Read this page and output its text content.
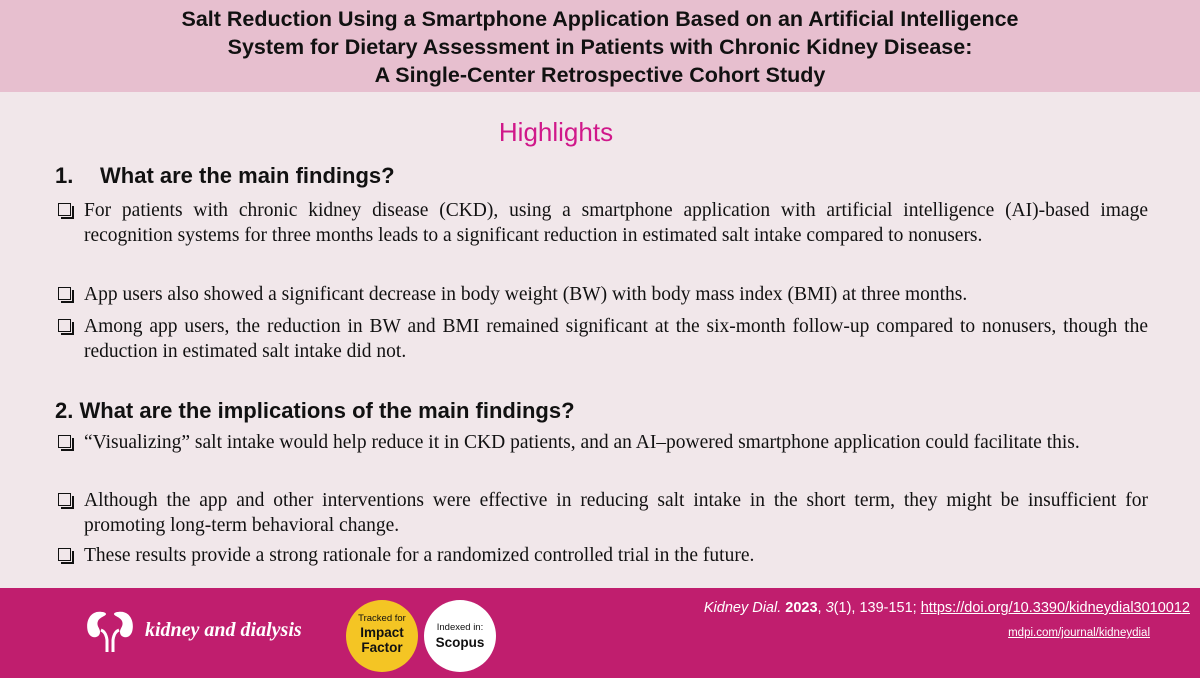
Salt Reduction Using a Smartphone Application Based on an Artificial Intelligence
System for Dietary Assessment in Patients with Chronic Kidney Disease:
A Single-Center Retrospective Cohort Study
Highlights
1. What are the main findings?
For patients with chronic kidney disease (CKD), using a smartphone application with artificial intelligence (AI)-based image recognition systems for three months leads to a significant reduction in estimated salt intake compared to nonusers.
App users also showed a significant decrease in body weight (BW) with body mass index (BMI) at three months.
Among app users, the reduction in BW and BMI remained significant at the six-month follow-up compared to nonusers, though the reduction in estimated salt intake did not.
2. What are the implications of the main findings?
“Visualizing” salt intake would help reduce it in CKD patients, and an AI–powered smartphone application could facilitate this.
Although the app and other interventions were effective in reducing salt intake in the short term, they might be insufficient for promoting long-term behavioral change.
These results provide a strong rationale for a randomized controlled trial in the future.
kidney and dialysis
Tracked for
Impact
Factor
Indexed in:
Scopus
Kidney Dial. 2023, 3(1), 139-151; https://doi.org/10.3390/kidneydial3010012
mdpi.com/journal/kidneydial
